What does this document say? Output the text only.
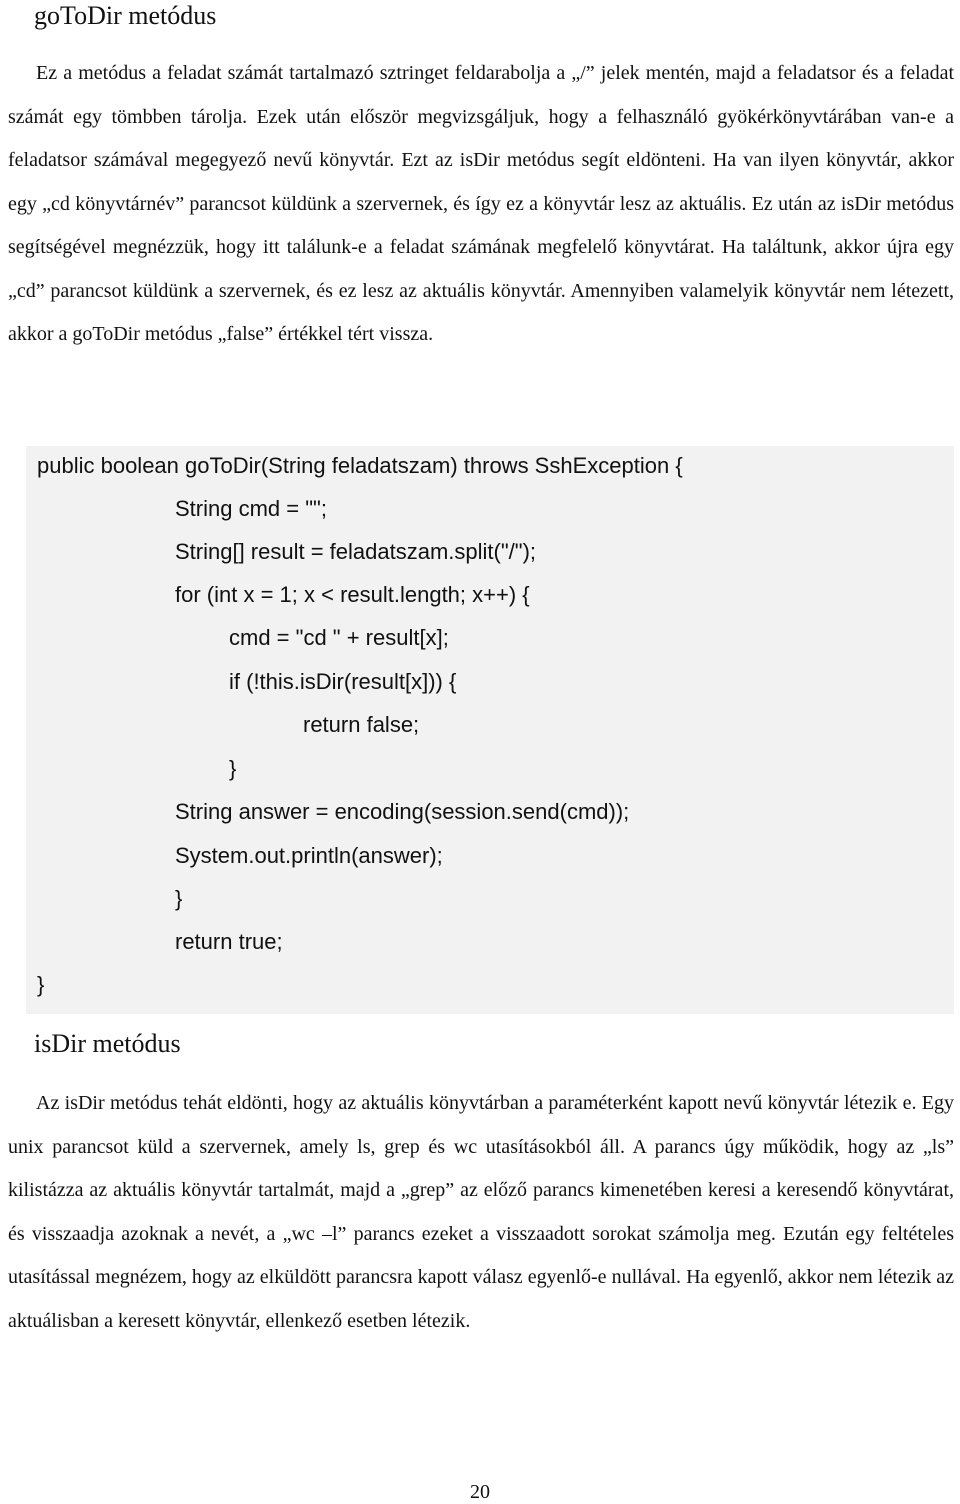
goToDir metódus

Ez a metódus a feladat számát tartalmazó sztringet feldarabolja a „/” jelek mentén, majd a feladatsor és a feladat számát egy tömbben tárolja. Ezek után először megvizsgáljuk, hogy a felhasználó gyökérkönyvtárában van-e a feladatsor számával megegyező nevű könyvtár. Ezt az isDir metódus segít eldönteni. Ha van ilyen könyvtár, akkor egy „cd könyvtárnév” parancsot küldünk a szervernek, és így ez a könyvtár lesz az aktuális. Ez után az isDir metódus segítségével megnézzük, hogy itt találunk-e a feladat számának megfelelő könyvtárat. Ha találtunk, akkor újra egy „cd” parancsot küldünk a szervernek, és ez lesz az aktuális könyvtár. Amennyiben valamelyik könyvtár nem létezett, akkor a goToDir metódus „false” értékkel tért vissza.

public boolean goToDir(String feladatszam) throws SshException {
String cmd = "";
String[] result = feladatszam.split("/");
for (int x = 1; x < result.length; x++) {
cmd = "cd " + result[x];
if (!this.isDir(result[x])) {
return false;
}
String answer = encoding(session.send(cmd));
System.out.println(answer);
}
return true;
}
isDir metódus

Az isDir metódus tehát eldönti, hogy az aktuális könyvtárban a paraméterként kapott nevű könyvtár létezik e. Egy unix parancsot küld a szervernek, amely ls, grep és wc utasításokból áll. A parancs úgy működik, hogy az „ls” kilistázza az aktuális könyvtár tartalmát, majd a „grep” az előző parancs kimenetében keresi a keresendő könyvtárat, és visszaadja azoknak a nevét, a „wc –l” parancs ezeket a visszaadott sorokat számolja meg. Ezután egy feltételes utasítással megnézem, hogy az elküldött parancsra kapott válasz egyenlő-e nullával. Ha egyenlő, akkor nem létezik az aktuálisban a keresett könyvtár, ellenkező esetben létezik.

20
